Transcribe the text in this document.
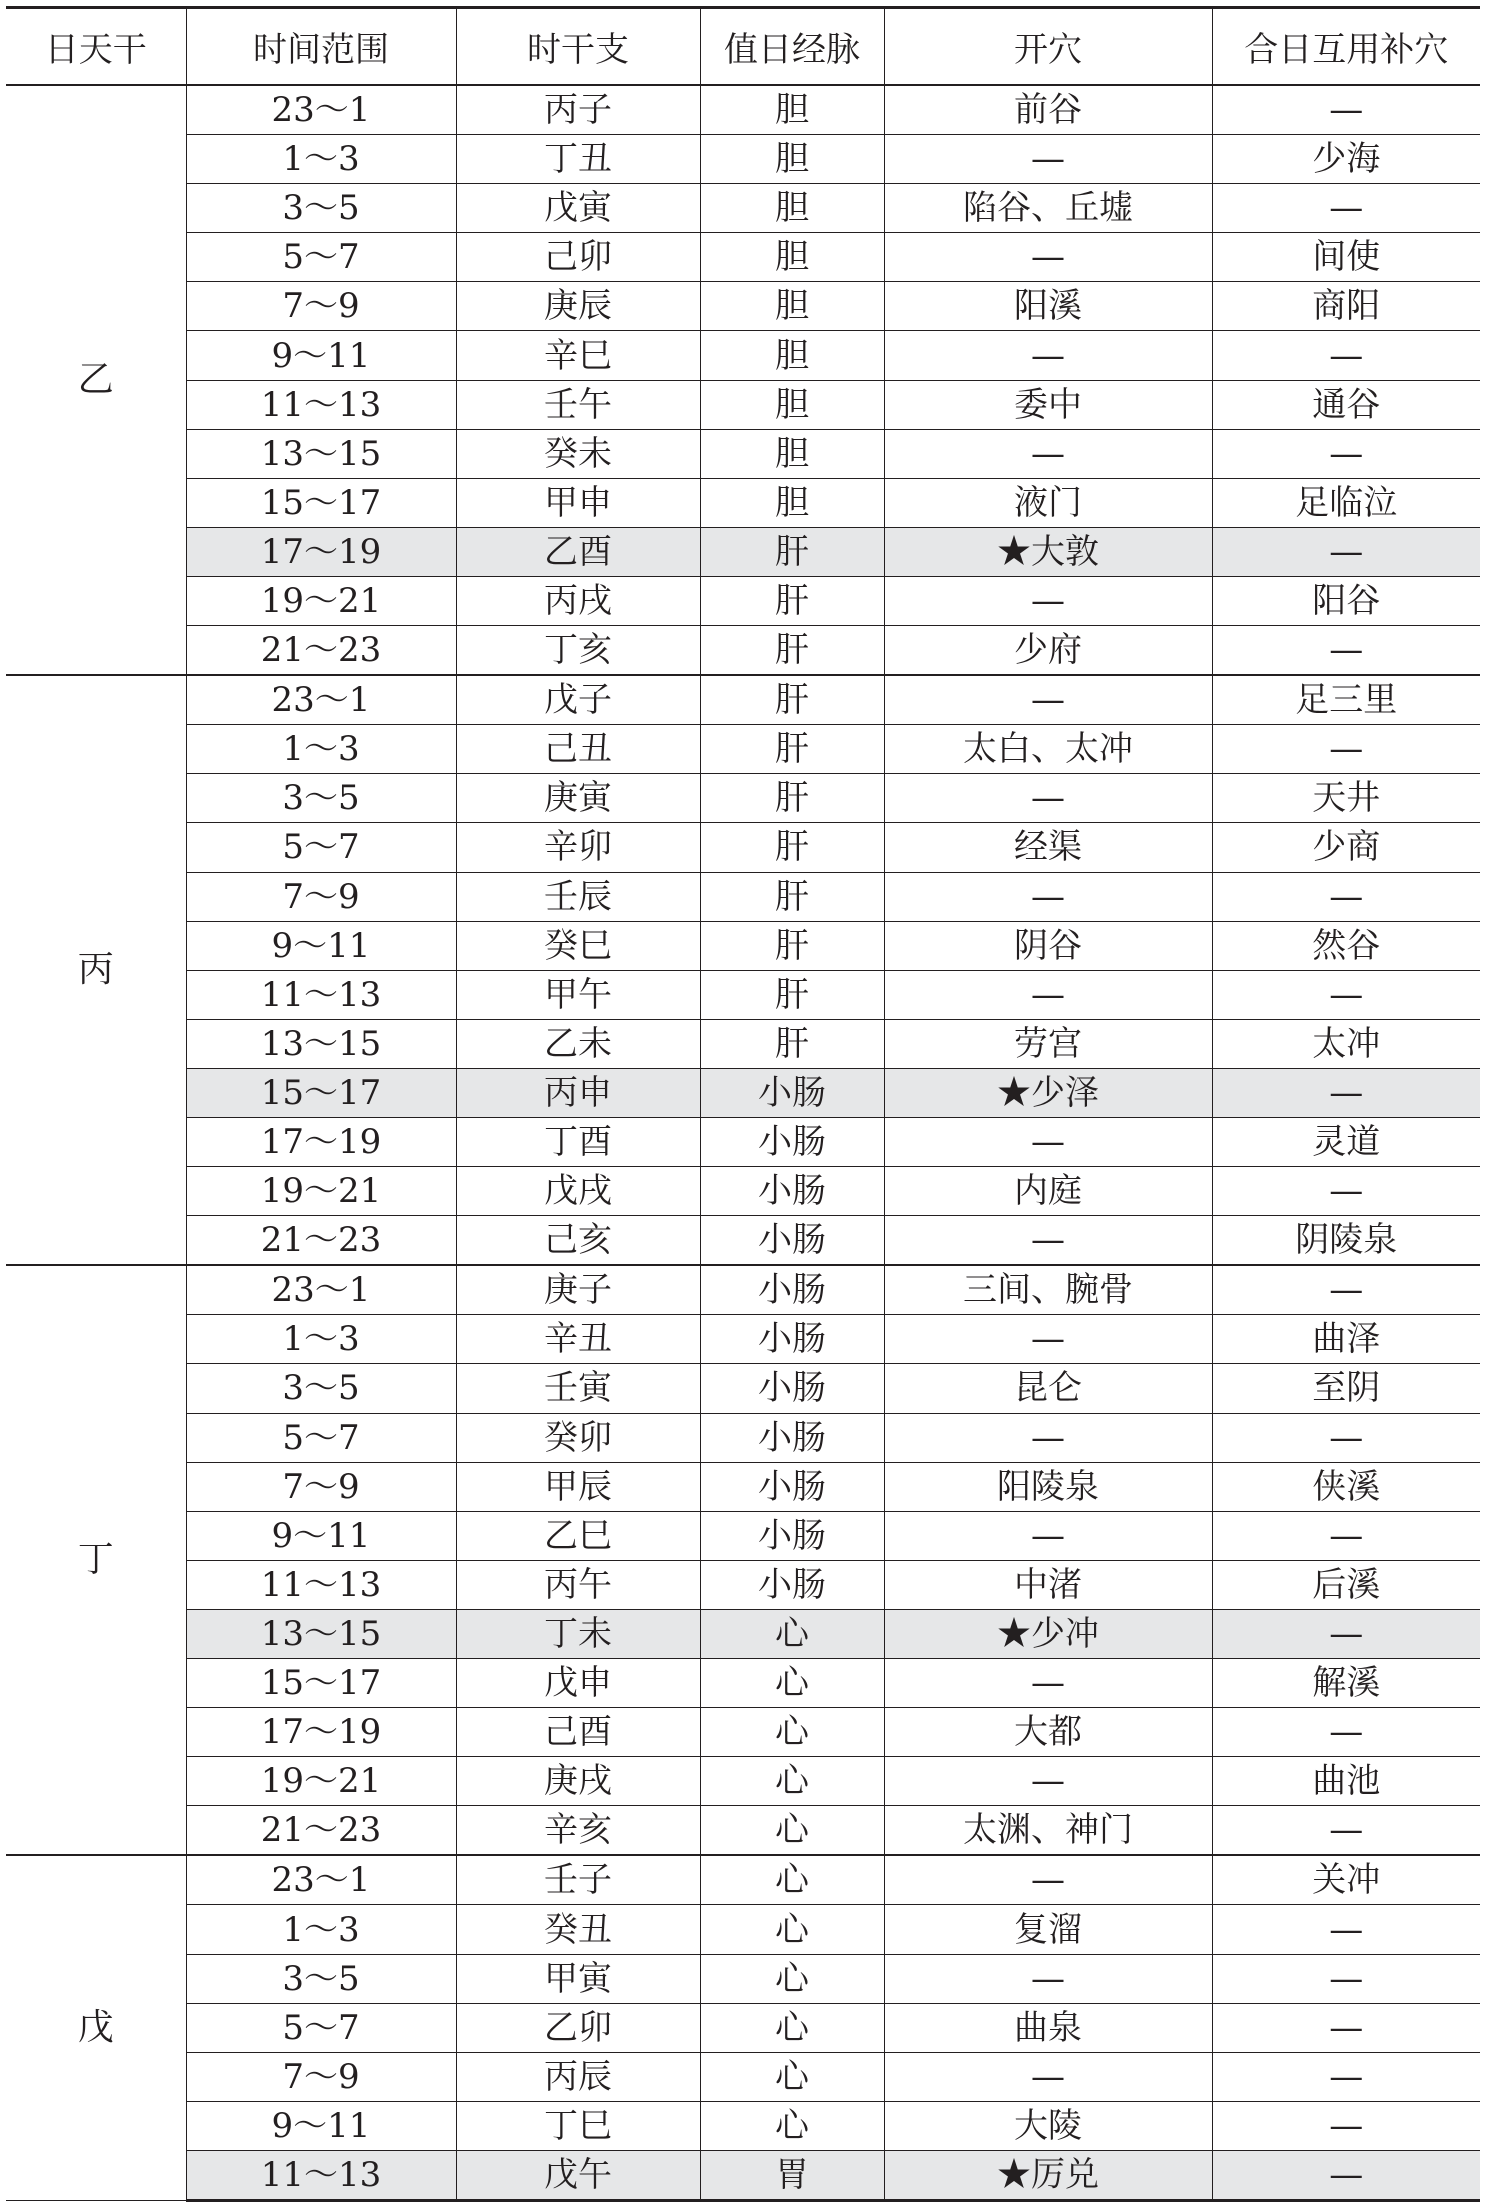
日天干	时间范围	时干支	值日经脉	开穴	合日互用补穴
乙	23～1	丙子	胆	前谷	—
	1～3	丁丑	胆	—	少海
	3～5	戊寅	胆	陷谷、丘墟	—
	5～7	己卯	胆	—	间使
	7～9	庚辰	胆	阳溪	商阳
	9～11	辛巳	胆	—	—
	11～13	壬午	胆	委中	通谷
	13～15	癸未	胆	—	—
	15～17	甲申	胆	液门	足临泣
	17～19	乙酉	肝	★大敦	—
	19～21	丙戌	肝	—	阳谷
	21～23	丁亥	肝	少府	—
丙	23～1	戊子	肝	—	足三里
	1～3	己丑	肝	太白、太冲	—
	3～5	庚寅	肝	—	天井
	5～7	辛卯	肝	经渠	少商
	7～9	壬辰	肝	—	—
	9～11	癸巳	肝	阴谷	然谷
	11～13	甲午	肝	—	—
	13～15	乙未	肝	劳宫	太冲
	15～17	丙申	小肠	★少泽	—
	17～19	丁酉	小肠	—	灵道
	19～21	戊戌	小肠	内庭	—
	21～23	己亥	小肠	—	阴陵泉
丁	23～1	庚子	小肠	三间、腕骨	—
	1～3	辛丑	小肠	—	曲泽
	3～5	壬寅	小肠	昆仑	至阴
	5～7	癸卯	小肠	—	—
	7～9	甲辰	小肠	阳陵泉	侠溪
	9～11	乙巳	小肠	—	—
	11～13	丙午	小肠	中渚	后溪
	13～15	丁未	心	★少冲	—
	15～17	戊申	心	—	解溪
	17～19	己酉	心	大都	—
	19～21	庚戌	心	—	曲池
	21～23	辛亥	心	太渊、神门	—
戊	23～1	壬子	心	—	关冲
	1～3	癸丑	心	复溜	—
	3～5	甲寅	心	—	—
	5～7	乙卯	心	曲泉	—
	7～9	丙辰	心	—	—
	9～11	丁巳	心	大陵	—
	11～13	戊午	胃	★厉兑	—
